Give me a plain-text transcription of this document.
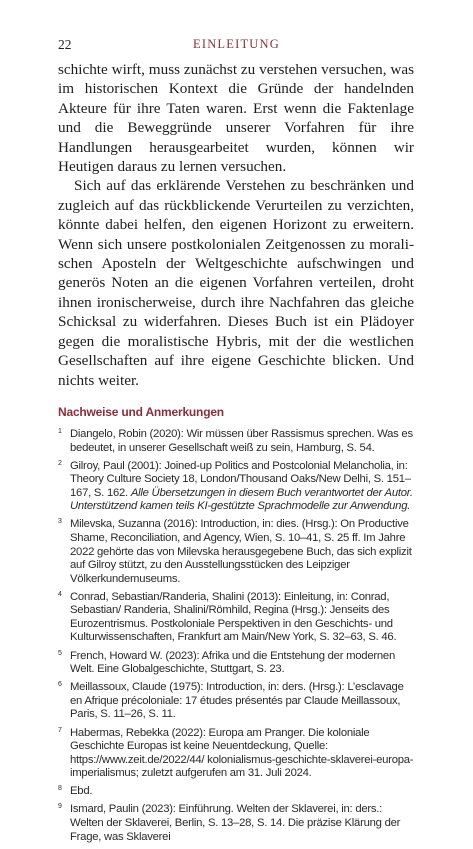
22	EINLEITUNG

schichte wirft, muss zunächst zu verstehen versuchen, was im historischen Kontext die Gründe der handelnden Akteure für ihre Taten waren. Erst wenn die Faktenlage und die Beweggründe unserer Vorfahren für ihre Handlungen herausgearbeitet wurden, können wir Heutigen daraus zu lernen versuchen.

Sich auf das erklärende Verstehen zu beschränken und zugleich auf das rückblickende Verurteilen zu verzichten, könnte dabei helfen, den eigenen Horizont zu erweitern. Wenn sich unsere postkolonialen Zeitgenossen zu moralischen Aposteln der Weltgeschichte aufschwingen und generös Noten an die eigenen Vorfahren verteilen, droht ihnen ironischerweise, durch ihre Nachfahren das gleiche Schicksal zu widerfahren. Dieses Buch ist ein Plädoyer gegen die moralistische Hybris, mit der die westlichen Gesellschaften auf ihre eigene Geschichte blicken. Und nichts weiter.

Nachweise und Anmerkungen
1 Diangelo, Robin (2020): Wir müssen über Rassismus sprechen. Was es bedeutet, in unserer Gesellschaft weiß zu sein, Hamburg, S. 54.
2 Gilroy, Paul (2001): Joined-up Politics and Postcolonial Melancholia, in: Theory Culture Society 18, London/Thousand Oaks/New Delhi, S. 151–167, S. 162. Alle Übersetzungen in diesem Buch verantwortet der Autor. Unterstützend kamen teils KI-gestützte Sprachmodelle zur Anwendung.
3 Milevska, Suzanna (2016): Introduction, in: dies. (Hrsg.): On Productive Shame, Reconciliation, and Agency, Wien, S. 10–41, S. 25 ff. Im Jahre 2022 gehörte das von Milevska herausgegebene Buch, das sich explizit auf Gilroy stützt, zu den Ausstellungsstücken des Leipziger Völkerkundemuseums.
4 Conrad, Sebastian/Randeria, Shalini (2013): Einleitung, in: Conrad, Sebastian/ Randeria, Shalini/Römhild, Regina (Hrsg.): Jenseits des Eurozentrismus. Postkoloniale Perspektiven in den Geschichts- und Kulturwissenschaften, Frankfurt am Main/New York, S. 32–63, S. 46.
5 French, Howard W. (2023): Afrika und die Entstehung der modernen Welt. Eine Globalgeschichte, Stuttgart, S. 23.
6 Meillassoux, Claude (1975): Introduction, in: ders. (Hrsg.): L’esclavage en Afrique précoloniale: 17 études présentés par Claude Meillassoux, Paris, S. 11–26, S. 11.
7 Habermas, Rebekka (2022): Europa am Pranger. Die koloniale Geschichte Europas ist keine Neuentdeckung, Quelle: https://www.zeit.de/2022/44/ kolonialismus-geschichte-sklaverei-europa-imperialismus; zuletzt aufgerufen am 31. Juli 2024.
8 Ebd.
9 Ismard, Paulin (2023): Einführung. Welten der Sklaverei, in: ders.: Welten der Sklaverei, Berlin, S. 13–28, S. 14. Die präzise Klärung der Frage, was Sklaverei
